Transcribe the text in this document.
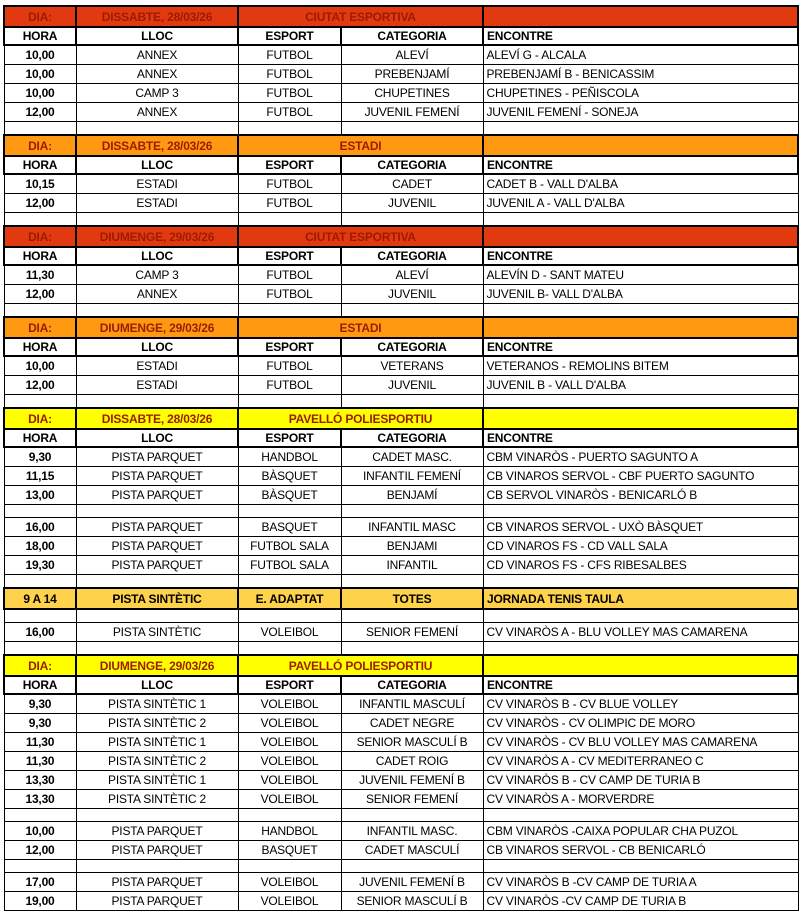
DIA:	DISSABTE, 28/03/26	CIUTAT ESPORTIVA		
HORA	LLOC	ESPORT	CATEGORIA	ENCONTRE
10,00	ANNEX	FUTBOL	ALEVÍ	ALEVÍ G - ALCALA
10,00	ANNEX	FUTBOL	PREBENJAMÍ	PREBENJAMÍ B - BENICASSIM
10,00	CAMP 3	FUTBOL	CHUPETINES	CHUPETINES - PEÑISCOLA
12,00	ANNEX	FUTBOL	JUVENIL FEMENÍ	JUVENIL FEMENÍ - SONEJA

DIA:	DISSABTE, 28/03/26	ESTADI		
HORA	LLOC	ESPORT	CATEGORIA	ENCONTRE
10,15	ESTADI	FUTBOL	CADET	CADET B - VALL D'ALBA
12,00	ESTADI	FUTBOL	JUVENIL	JUVENIL A - VALL D'ALBA

DIA:	DIUMENGE, 29/03/26	CIUTAT ESPORTIVA		
HORA	LLOC	ESPORT	CATEGORIA	ENCONTRE
11,30	CAMP 3	FUTBOL	ALEVÍ	ALEVÍN D - SANT MATEU
12,00	ANNEX	FUTBOL	JUVENIL	JUVENIL B- VALL D'ALBA

DIA:	DIUMENGE, 29/03/26	ESTADI		
HORA	LLOC	ESPORT	CATEGORIA	ENCONTRE
10,00	ESTADI	FUTBOL	VETERANS	VETERANOS - REMOLINS BITEM
12,00	ESTADI	FUTBOL	JUVENIL	JUVENIL B - VALL D'ALBA

DIA:	DISSABTE, 28/03/26	PAVELLÓ POLIESPORTIU		
HORA	LLOC	ESPORT	CATEGORIA	ENCONTRE
9,30	PISTA PARQUET	HANDBOL	CADET MASC.	CBM VINARÒS - PUERTO SAGUNTO A
11,15	PISTA PARQUET	BÀSQUET	INFANTIL FEMENÍ	CB VINAROS SERVOL - CBF PUERTO SAGUNTO
13,00	PISTA PARQUET	BÀSQUET	BENJAMÍ	CB SERVOL VINARÒS - BENICARLÓ B

16,00	PISTA PARQUET	BASQUET	INFANTIL MASC	CB VINAROS SERVOL - UXÒ BÀSQUET
18,00	PISTA PARQUET	FUTBOL SALA	BENJAMI	CD VINAROS FS - CD VALL SALA
19,30	PISTA PARQUET	FUTBOL SALA	INFANTIL	CD VINAROS FS - CFS RIBESALBES

9 A 14	PISTA SINTÈTIC	E. ADAPTAT	TOTES	JORNADA TENIS TAULA

16,00	PISTA SINTÈTIC	VOLEIBOL	SENIOR FEMENÍ	CV VINARÒS A - BLU VOLLEY MAS CAMARENA

DIA:	DIUMENGE, 29/03/26	PAVELLÓ POLIESPORTIU		
HORA	LLOC	ESPORT	CATEGORIA	ENCONTRE
9,30	PISTA SINTÈTIC 1	VOLEIBOL	INFANTIL MASCULÍ	CV VINARÒS B - CV BLUE VOLLEY
9,30	PISTA SINTÈTIC 2	VOLEIBOL	CADET NEGRE	CV VINARÒS - CV OLIMPIC DE MORO
11,30	PISTA SINTÈTIC 1	VOLEIBOL	SENIOR MASCULÍ B	CV VINARÒS - CV BLU VOLLEY MAS CAMARENA
11,30	PISTA SINTÈTIC 2	VOLEIBOL	CADET ROIG	CV VINARÒS A - CV MEDITERRANEO C
13,30	PISTA SINTÈTIC 1	VOLEIBOL	JUVENIL FEMENÍ B	CV VINARÒS B - CV CAMP DE TURIA B
13,30	PISTA SINTÈTIC 2	VOLEIBOL	SENIOR FEMENÍ	CV VINARÒS A - MORVERDRE

10,00	PISTA PARQUET	HANDBOL	INFANTIL MASC.	CBM VINARÒS -CAIXA POPULAR CHA PUZOL
12,00	PISTA PARQUET	BASQUET	CADET MASCULÍ	CB VINAROS SERVOL - CB BENICARLÓ

17,00	PISTA PARQUET	VOLEIBOL	JUVENIL FEMENÍ B	CV VINARÒS B -CV CAMP DE TURIA A
19,00	PISTA PARQUET	VOLEIBOL	SENIOR MASCULÍ B	CV VINARÒS -CV CAMP DE TURIA B
